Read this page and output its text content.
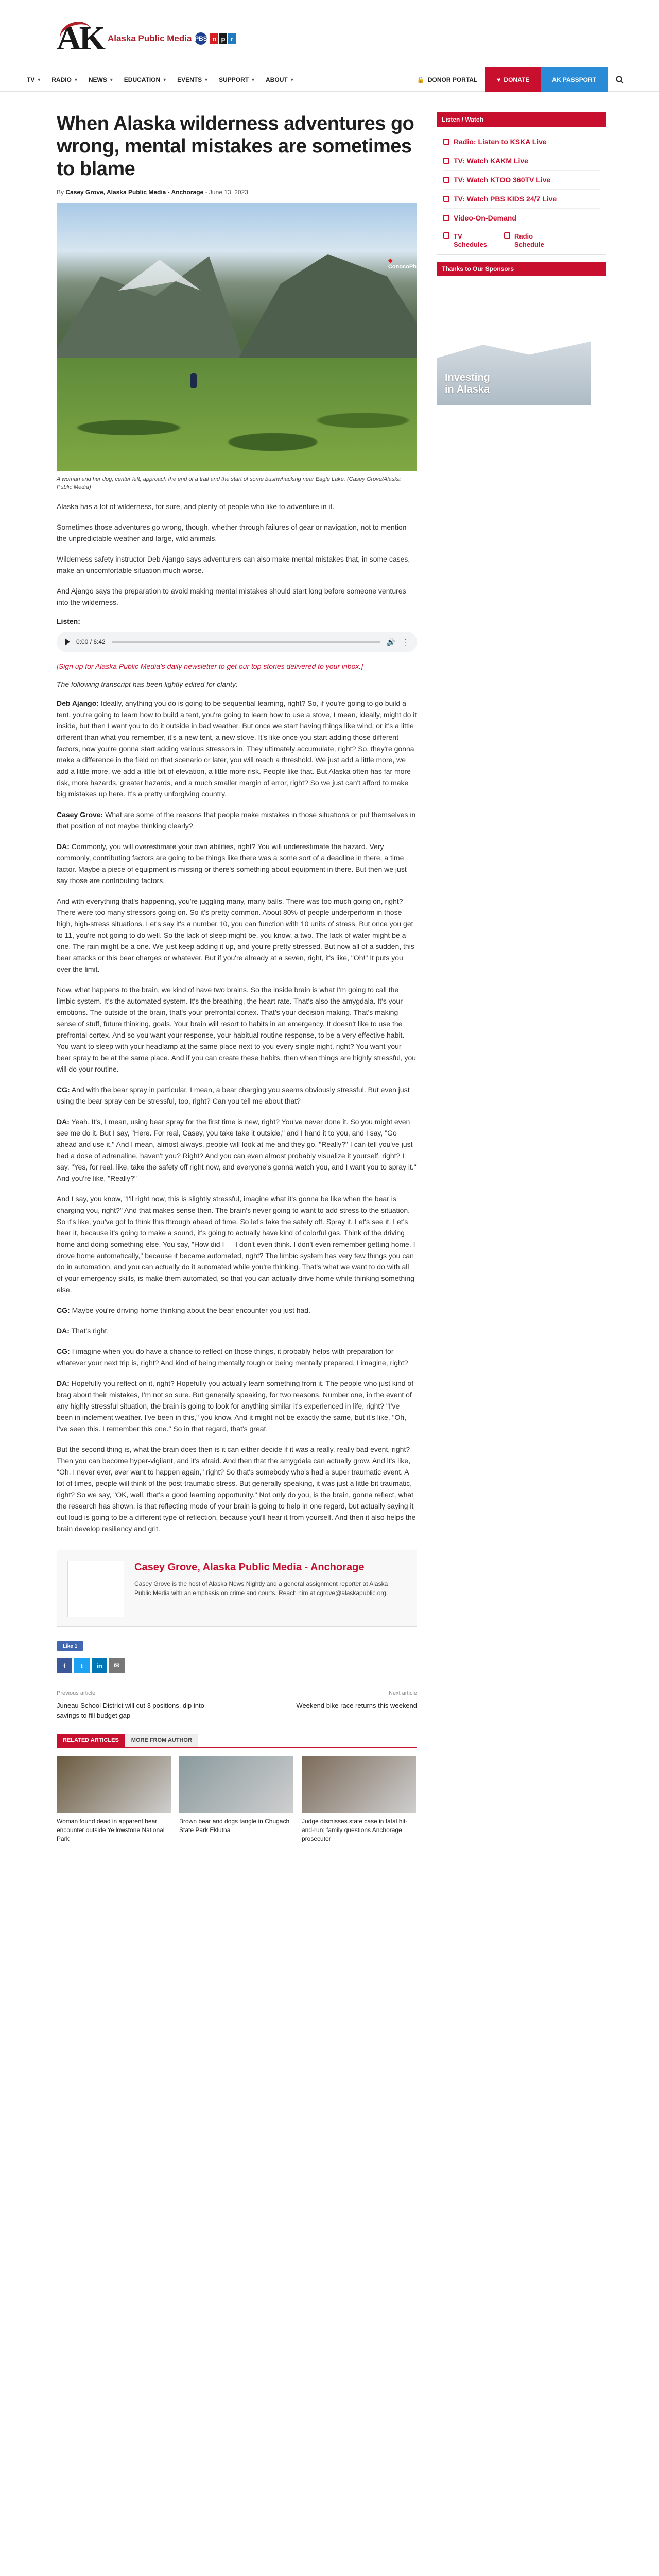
AK Alaska Public Media PBS n p r
TV ▼ RADIO ▼ NEWS ▼ EDUCATION ▼ EVENTS ▼ SUPPORT ▼ ABOUT ▼	🔒 DONOR PORTAL	♥ DONATE	AK PASSPORT
When Alaska wilderness adventures go wrong, mental mistakes are sometimes to blame
By Casey Grove, Alaska Public Media - Anchorage - June 13, 2023

A woman and her dog, center left, approach the end of a trail and the start of some bushwhacking near Eagle Lake. (Casey Grove/Alaska Public Media)

Alaska has a lot of wilderness, for sure, and plenty of people who like to adventure in it.

Sometimes those adventures go wrong, though, whether through failures of gear or navigation, not to mention the unpredictable weather and large, wild animals.

Wilderness safety instructor Deb Ajango says adventurers can also make mental mistakes that, in some cases, make an uncomfortable situation much worse.

And Ajango says the preparation to avoid making mental mistakes should start long before someone ventures into the wilderness.

Listen:

0:00 / 6:42	🔊 ⋮

[Sign up for Alaska Public Media's daily newsletter to get our top stories delivered to your inbox.]

The following transcript has been lightly edited for clarity:

Deb Ajango: Ideally, anything you do is going to be sequential learning, right? So, if you're going to go build a tent, you're going to learn how to build a tent, you're going to learn how to use a stove, I mean, ideally, might do it inside, but then I want you to do it outside in bad weather. But once we start having things like wind, or it's a little different than what you remember, it's a new tent, a new stove. It's like once you start adding those different factors, now you're gonna start adding various stressors in. They ultimately accumulate, right? So, they're gonna make a difference in the field on that scenario or later, you will reach a threshold. We just add a little more, we add a little more, we add a little bit of elevation, a little more risk. People like that. But Alaska often has far more risk, more hazards, greater hazards, and a much smaller margin of error, right? So we just can't afford to make big mistakes up here. It's a pretty unforgiving country.

Casey Grove: What are some of the reasons that people make mistakes in those situations or put themselves in that position of not maybe thinking clearly?

DA: Commonly, you will overestimate your own abilities, right? You will underestimate the hazard. Very commonly, contributing factors are going to be things like there was a some sort of a deadline in there, a time factor. Maybe a piece of equipment is missing or there's something about equipment in there. But then we just say those are contributing factors.

And with everything that's happening, you're juggling many, many balls. There was too much going on, right? There were too many stressors going on. So it's pretty common. About 80% of people underperform in those high, high-stress situations. Let's say it's a number 10, you can function with 10 units of stress. But once you get to 11, you're not going to do well. So the lack of sleep might be, you know, a two. The lack of water might be a one. The rain might be a one. We just keep adding it up, and you're pretty stressed. But now all of a sudden, this bear attacks or this bear charges or whatever. But if you're already at a seven, right, it's like, "Oh!" It puts you over the limit.

Now, what happens to the brain, we kind of have two brains. So the inside brain is what I'm going to call the limbic system. It's the automated system. It's the breathing, the heart rate. That's also the amygdala. It's your emotions. The outside of the brain, that's your prefrontal cortex. That's your decision making. That's making sense of stuff, future thinking, goals. Your brain will resort to habits in an emergency. It doesn't like to use the prefrontal cortex. And so you want your response, your habitual routine response, to be a very effective habit. You want to sleep with your headlamp at the same place next to you every single night, right? You want your bear spray to be at the same place. And if you can create these habits, then when things are highly stressful, you will do your routine.

CG: And with the bear spray in particular, I mean, a bear charging you seems obviously stressful. But even just using the bear spray can be stressful, too, right? Can you tell me about that?

DA: Yeah. It's, I mean, using bear spray for the first time is new, right? You've never done it. So you might even see me do it. But I say, "Here. For real, Casey, you take take it outside," and I hand it to you, and I say, "Go ahead and use it." And I mean, almost always, people will look at me and they go, "Really?" I can tell you've just had a dose of adrenaline, haven't you? Right? And you can even almost probably visualize it yourself, right? I say, "Yes, for real, like, take the safety off right now, and everyone's gonna watch you, and I want you to spray it." And you're like, "Really?"

And I say, you know, "I'll right now, this is slightly stressful, imagine what it's gonna be like when the bear is charging you, right?" And that makes sense then. The brain's never going to want to add stress to the situation. So it's like, you've got to think this through ahead of time. So let's take the safety off. Spray it. Let's see it. Let's hear it, because it's going to make a sound, it's going to actually have kind of colorful gas. Think of the driving home and doing something else. You say, "How did I — I don't even think. I don't even remember getting home. I drove home automatically," because it became automated, right? The limbic system has very few things you can do in automation, and you can actually do it automated while you're thinking. That's what we want to do with all of your emergency skills, is make them automated, so that you can actually drive home while thinking something else.

CG: Maybe you're driving home thinking about the bear encounter you just had.

DA: That's right.

CG: I imagine when you do have a chance to reflect on those things, it probably helps with preparation for whatever your next trip is, right? And kind of being mentally tough or being mentally prepared, I imagine, right?

DA: Hopefully you reflect on it, right? Hopefully you actually learn something from it. The people who just kind of brag about their mistakes, I'm not so sure. But generally speaking, for two reasons. Number one, in the event of any highly stressful situation, the brain is going to look for anything similar it's experienced in life, right? "I've been in inclement weather. I've been in this," you know. And it might not be exactly the same, but it's like, "Oh, I've seen this. I remember this one." So in that regard, that's great.

But the second thing is, what the brain does then is it can either decide if it was a really, really bad event, right? Then you can become hyper-vigilant, and it's afraid. And then that the amygdala can actually grow. And it's like, "Oh, I never ever, ever want to happen again," right? So that's somebody who's had a super traumatic event. A lot of times, people will think of the post-traumatic stress. But generally speaking, it was just a little bit traumatic, right? So we say, "OK, well, that's a good learning opportunity." Not only do you, is the brain, gonna reflect, what the research has shown, is that reflecting mode of your brain is going to help in one regard, but actually saying it out loud is going to be a different type of reflection, because you'll hear it from yourself. And then it also helps the brain develop resiliency and grit.

Casey Grove, Alaska Public Media - Anchorage

Casey Grove is the host of Alaska News Nightly and a general assignment reporter at Alaska Public Media with an emphasis on crime and courts. Reach him at cgrove@alaskapublic.org.

Like 1
f	t	in	✉
Previous article
Juneau School District will cut 3 positions, dip into savings to fill budget gap
Next article
Weekend bike race returns this weekend
RELATED ARTICLES	MORE FROM AUTHOR
Woman found dead in apparent bear encounter outside Yellowstone National Park
Brown bear and dogs tangle in Chugach State Park Eklutna
Judge dismisses state case in fatal hit-and-run; family questions Anchorage prosecutor
Listen / Watch
Radio: Listen to KSKA Live
TV: Watch KAKM Live
TV: Watch KTOO 360TV Live
TV: Watch PBS KIDS 24/7 Live
Video-On-Demand
TV Schedules
Radio Schedule
Thanks to Our Sponsors
